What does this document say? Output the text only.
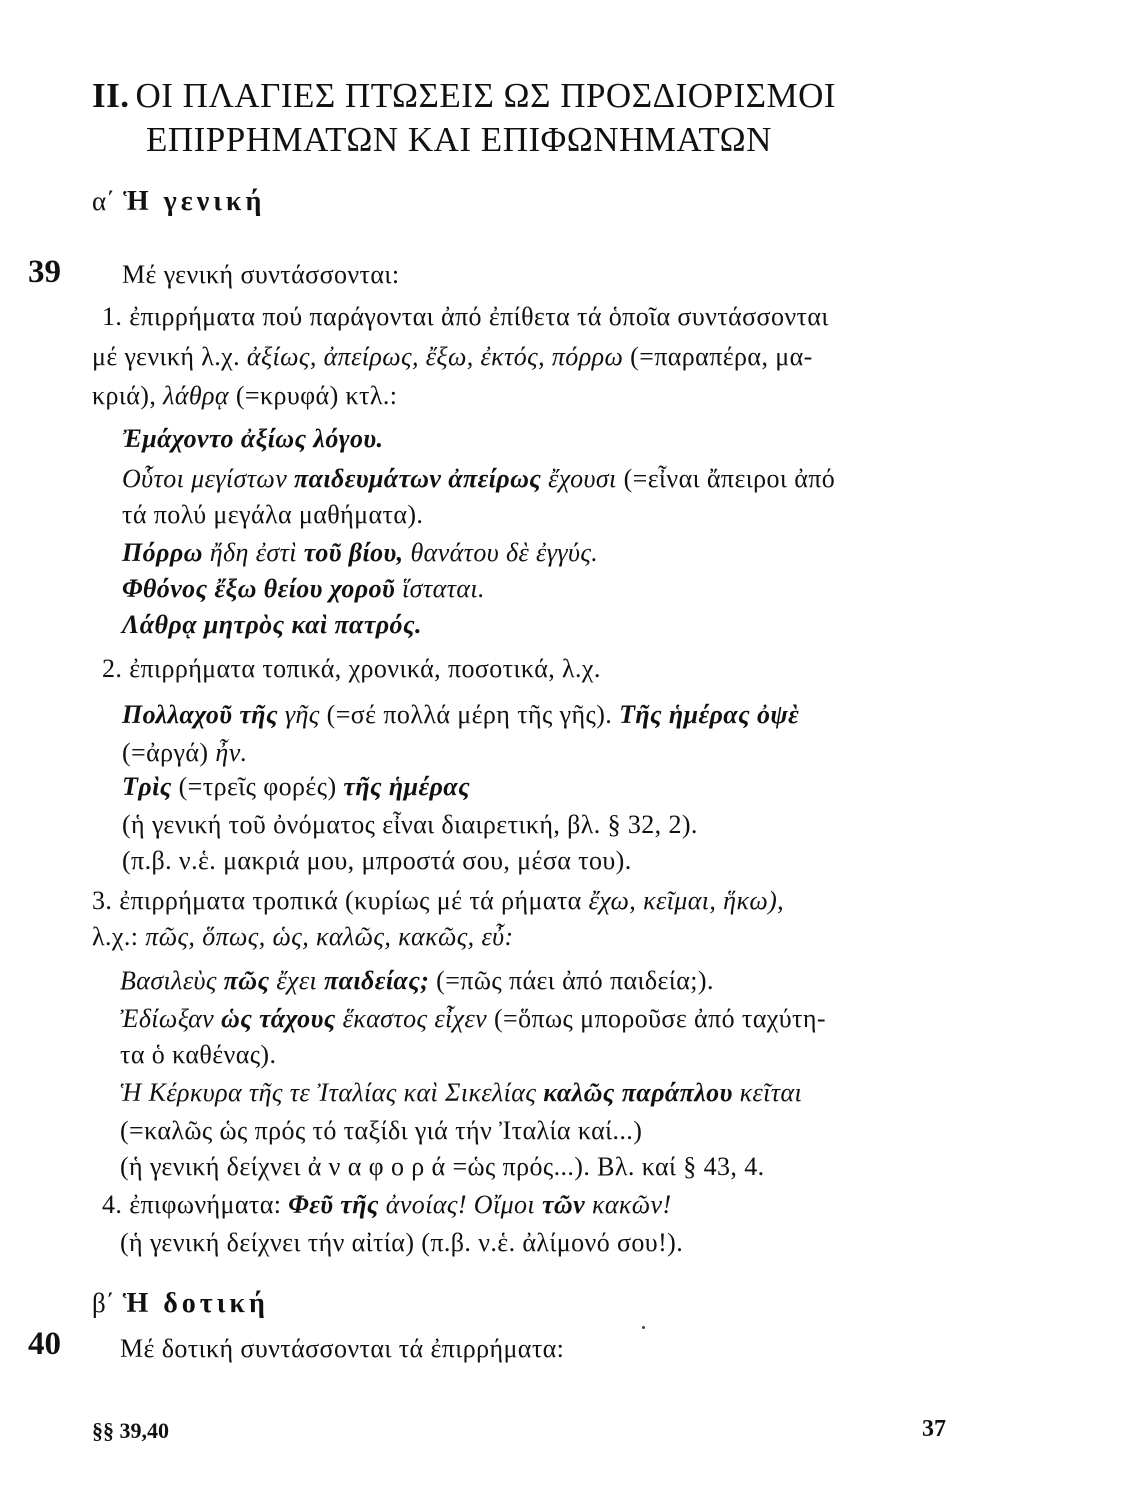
II. ΟΙ ΠΛΑΓΙΕΣ ΠΤΩΣΕΙΣ ΩΣ ΠΡΟΣΔΙΟΡΙΣΜΟΙ
ΕΠΙΡΡΗΜΑΤΩΝ ΚΑΙ ΕΠΙΦΩΝΗΜΑΤΩΝ
α΄ Ἡ γενική
39 Μέ γενική συντάσσονται:
1. ἐπιρρήματα πού παράγονται ἀπό ἐπίθετα τά ὁποῖα συντάσσονται
μέ γενική λ.χ. ἀξίως, ἀπείρως, ἔξω, ἐκτός, πόρρω (=παραπέρα, μα-
κριά), λάθρᾳ (=κρυφά) κτλ.:
Ἐμάχοντο ἀξίως λόγου.
Οὗτοι μεγίστων παιδευμάτων ἀπείρως ἔχουσι (=εἶναι ἄπειροι ἀπό
τά πολύ μεγάλα μαθήματα).
Πόρρω ἤδη ἐστὶ τοῦ βίου, θανάτου δὲ ἐγγύς.
Φθόνος ἔξω θείου χοροῦ ἵσταται.
Λάθρᾳ μητρὸς καὶ πατρός.
2. ἐπιρρήματα τοπικά, χρονικά, ποσοτικά, λ.χ.
Πολλαχοῦ τῆς γῆς (=σέ πολλά μέρη τῆς γῆς). Τῆς ἡμέρας ὀψὲ
(=ἀργά) ἦν.
Τρὶς (=τρεῖς φορές) τῆς ἡμέρας
(ἡ γενική τοῦ ὀνόματος εἶναι διαιρετική, βλ. § 32, 2).
(π.β. ν.ἑ. μακριά μου, μπροστά σου, μέσα του).
3. ἐπιρρήματα τροπικά (κυρίως μέ τά ρήματα ἔχω, κεῖμαι, ἥκω),
λ.χ.: πῶς, ὅπως, ὡς, καλῶς, κακῶς, εὖ:
Βασιλεὺς πῶς ἔχει παιδείας; (=πῶς πάει ἀπό παιδεία;).
Ἐδίωξαν ὡς τάχους ἕκαστος εἶχεν (=ὅπως μποροῦσε ἀπό ταχύτη-
τα ὁ καθένας).
Ἡ Κέρκυρα τῆς τε Ἰταλίας καὶ Σικελίας καλῶς παράπλου κεῖται
(=καλῶς ὡς πρός τό ταξίδι γιά τήν Ἰταλία καί...)
(ἡ γενική δείχνει ἀ ν α φ ο ρ ά =ὡς πρός...). Βλ. καί § 43, 4.
4. ἐπιφωνήματα: Φεῦ τῆς ἀνοίας! Οἴμοι τῶν κακῶν!
(ἡ γενική δείχνει τήν αἰτία) (π.β. ν.ἑ. ἀλίμονό σου!).
β΄ Ἡ δοτική
40 Μέ δοτική συντάσσονται τά ἐπιρρήματα:
§§ 39,40	37
